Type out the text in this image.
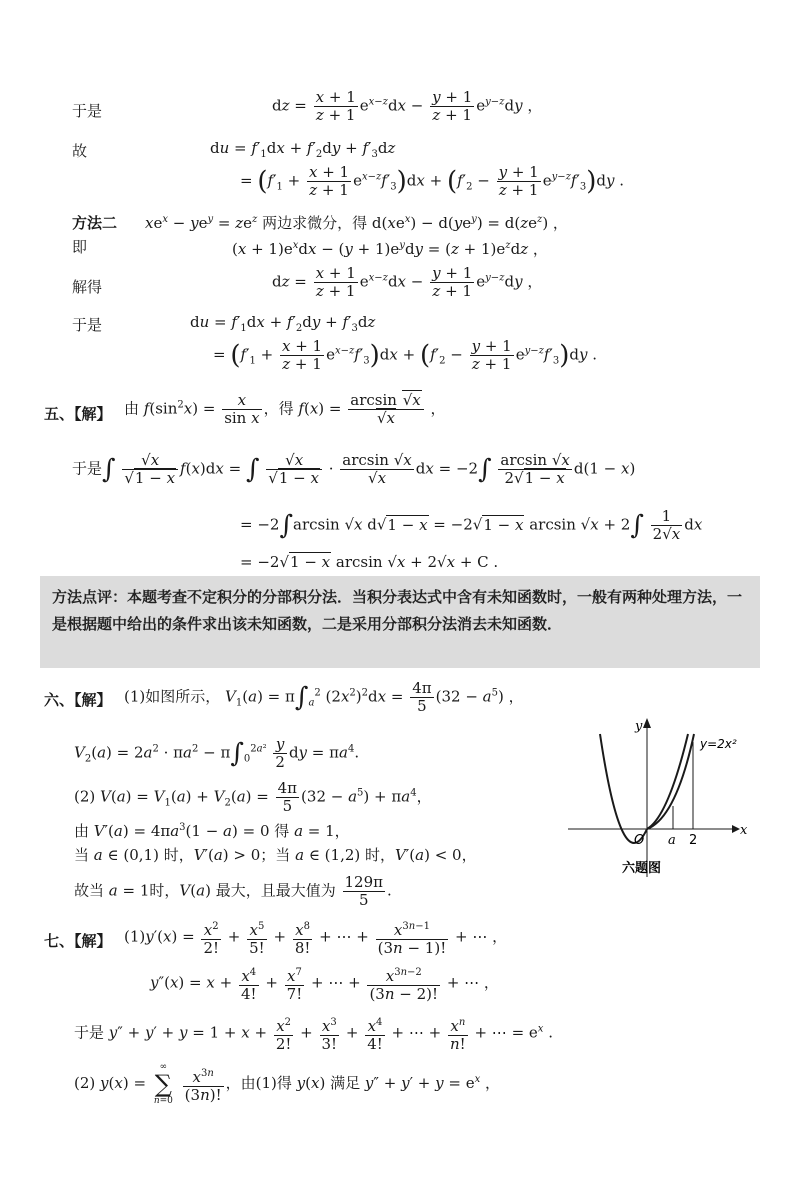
于是	dz = $\frac{x + 1}{z + 1} e^{x-z}dx - \frac{y + 1}{z + 1} e^{y-z}dy$ ，
故	du = $f'_1dx + f'_2dy + f'_3dz$
= $(f'_1 + \frac{x + 1}{z + 1} e^{x-z}f'_3)dx + (f'_2 - \frac{y + 1}{z + 1} e^{y-z}f'_3)dy$ .
方法二 $xe^x - ye^y = ze^z$ 两边求微分，得 $d(xe^x) - d(ye^y) = d(ze^z)$ ，
即	$(x + 1)e^xdx - (y + 1)e^ydy = (z + 1)e^zdz$ ，
解得	dz = $\frac{x + 1}{z + 1} e^{x-z}dx - \frac{y + 1}{z + 1} e^{y-z}dy$ ，
于是	du = $f'_1dx + f'_2dy + f'_3dz$
= $(f'_1 + \frac{x + 1}{z + 1} e^{x-z}f'_3)dx + (f'_2 - \frac{y + 1}{z + 1} e^{y-z}f'_3)dy$ .
五、【解】 由 $f(\sin^2x) = \frac{x}{\text{sin x}}$ ，得 $f(x) = \frac{\arcsin √x}{√x}$ ，
于是∫ $\frac{√x}{√1 - x} f(x)dx$ = ∫ $\frac{√x}{√1 - x} \cdot \frac{\arcsin √x}{√x}$ dx = $-2\int \frac{\arcsin √x}{2√1 - x} d(1 - x)$
= −2∫arcsin √x d√1 − x = −2√1 − x $\arcsin √x + 2\int \frac{1}{2√x}$ dx
= −2√1 − x arcsin √x + 2√x + C .
方法点评：本题考查不定积分的分部积分法．当积分表达式中含有未知函数时，一般有两种处理方法，一是根据题中给出的条件求出该未知函数，二是采用分部积分法消去未知函数．
六、【解】 (1)如图所示， $V_1(a) = \pi\int_a^2$ $(2x^2)^2dx = \frac{4\pi}{5} (32 - a^5)$ ，
$V_2(a) = 2a^2 \cdot \pi a^2 - \pi\int_0^{2a^2} \frac{y}{2}$ dy = $\pi a^4$.
(2) $V(a) = V_1(a) + V_2(a) = \frac{4\pi}{5} (32 - a^5) + \pi a^4$，
由 $V'(a) = 4\pi a^3(1 - a) = 0$ 得 a = 1，
当 a ∈ (0,1) 时，V′(a) > 0；当 a ∈ (1,2) 时，V′(a) < 0，
故当 a = 1时，V(a) 最大，且最大值为 $\frac{129\pi}{5}$ .
y
x
y=2x²
O a 2
六题图
七、【解】 $(1)y'(x) = \frac{x^2}{2!} + \frac{x^5}{5!} + \frac{x^8}{8!}$ + ⋯ + $\frac{x^{3n-1}}{(3n - 1)!}$ + ⋯ ，
$y''(x) = x + \frac{x^4}{4!} + \frac{x^7}{7!}$ + ⋯ + $\frac{x^{3n-2}}{(3n - 2)!}$ + ⋯ ，
于是 $y'' + y' + y = 1 + x + \frac{x^2}{2!} + \frac{x^3}{3!} + \frac{x^4}{4!}$ + ⋯ + $\frac{x^n}{n!}$ + ⋯ = $e^x$ .
(2) y(x) = ∞
∑
$n=0 \frac{x^{3n}}{(3n)!}$ ，由(1)得 y(x) 满足 $y'' + y' + y = e^x$ ，
